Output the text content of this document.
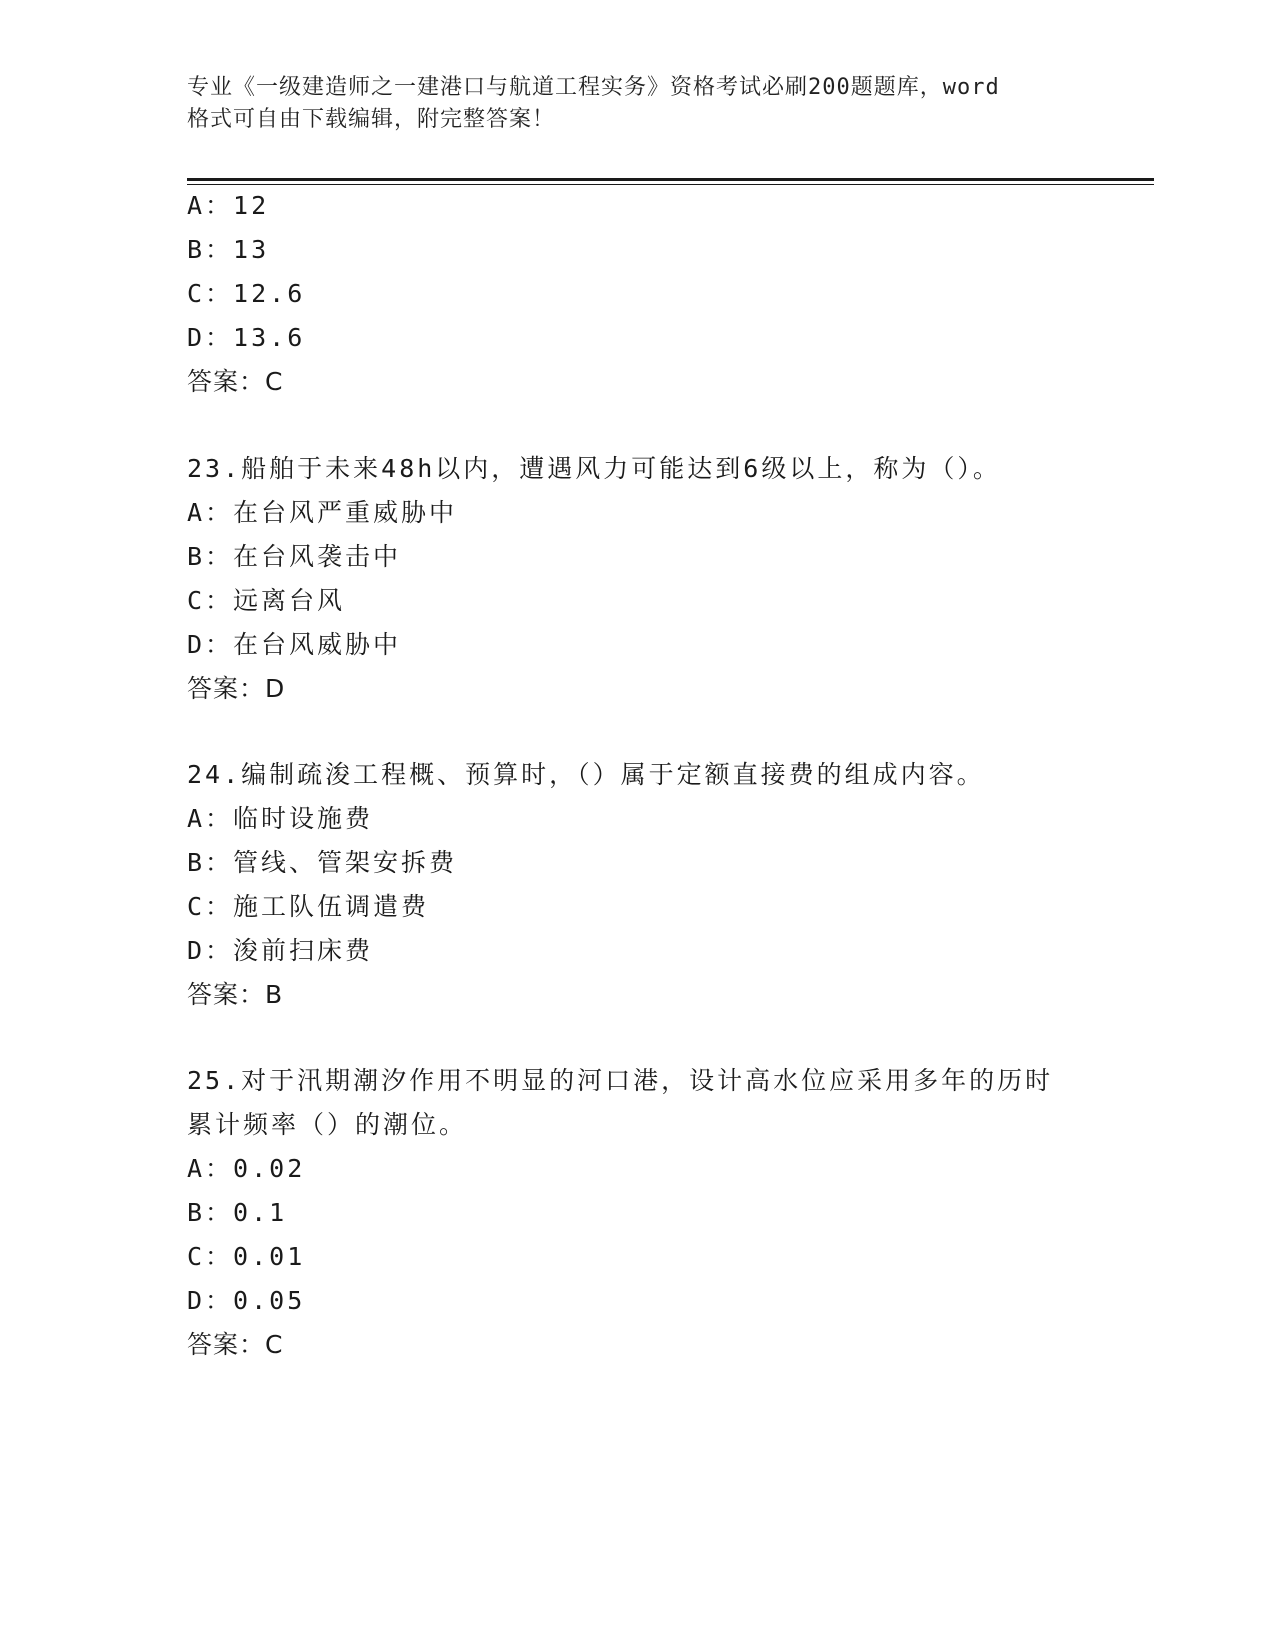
专业《一级建造师之一建港口与航道工程实务》资格考试必刷200题题库，word
格式可自由下载编辑，附完整答案！
A：12
B：13
C：12.6
D：13.6
答案：C
23.船舶于未来48h以内，遭遇风力可能达到6级以上，称为（）。
A：在台风严重威胁中
B：在台风袭击中
C：远离台风
D：在台风威胁中
答案：D
24.编制疏浚工程概、预算时，（）属于定额直接费的组成内容。
A：临时设施费
B：管线、管架安拆费
C：施工队伍调遣费
D：浚前扫床费
答案：B
25.对于汛期潮汐作用不明显的河口港，设计高水位应采用多年的历时
累计频率（）的潮位。
A：0.02
B：0.1
C：0.01
D：0.05
答案：C
